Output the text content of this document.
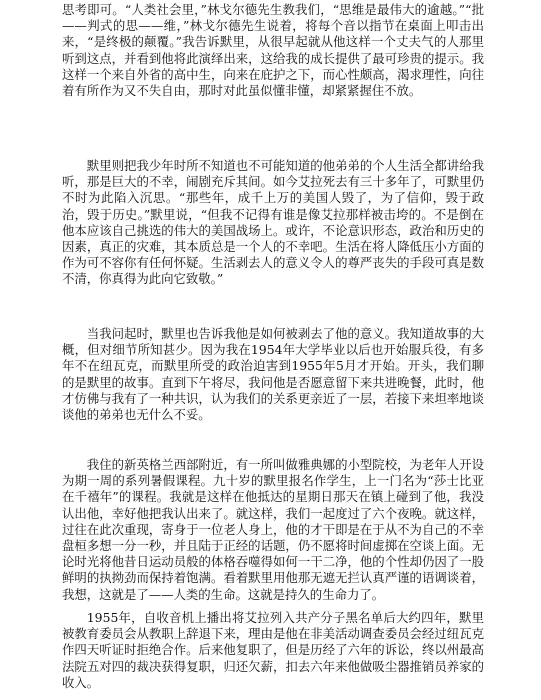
思考即可。“人类社会里，”林戈尔德先生教我们，“思维是最伟大的逾越。”“批——判式的思——维，”林戈尔德先生说着，将每个音以指节在桌面上叩击出来，“是终极的颠覆。”我告诉默里，从很早起就从他这样一个丈夫气的人那里听到这点，并看到他将此演绎出来，这给我的成长提供了最可珍贵的提示。我这样一个来自外省的高中生，向来在庇护之下，而心性颇高，渴求理性，向往着有所作为又不失自由，那时对此虽似懂非懂，却紧紧握住不放。

默里则把我少年时所不知道也不可能知道的他弟弟的个人生活全都讲给我听，那是巨大的不幸，闹剧充斥其间。如今艾拉死去有三十多年了，可默里仍不时为此陷入沉思。“那些年，成千上万的美国人毁了，为了信仰，毁于政治，毁于历史。”默里说，“但我不记得有谁是像艾拉那样被击垮的。不是倒在他本应该自己挑选的伟大的美国战场上。或许，不论意识形态，政治和历史的因素，真正的灾难，其本质总是一个人的不幸吧。生活在将人降低压小方面的作为可不容你有任何怀疑。生活剥去人的意义令人的尊严丧失的手段可真是数不清，你真得为此向它致敬。”

当我问起时，默里也告诉我他是如何被剥去了他的意义。我知道故事的大概，但对细节所知甚少。因为我在1954年大学毕业以后也开始服兵役，有多年不在纽瓦克，而默里所受的政治迫害到1955年5月才开始。开头，我们聊的是默里的故事。直到下午将尽，我问他是否愿意留下来共进晚餐，此时，他才仿佛与我有了一种共识，认为我们的关系更亲近了一层，若接下来坦率地谈谈他的弟弟也无什么不妥。

我住的新英格兰西部附近，有一所叫做雅典娜的小型院校，为老年人开设为期一周的系列暑假课程。九十岁的默里报名作学生，上一门名为“莎士比亚在千禧年”的课程。我就是这样在他抵达的星期日那天在镇上碰到了他，我没认出他，幸好他把我认出来了。就这样，我们一起度过了六个夜晚。就这样，过往在此次重现，寄身于一位老人身上，他的才干即是在于从不为自己的不幸盘桓多想一分一秒，并且陆于正经的话题，仍不愿将时间虚掷在空谈上面。无论时光将他昔日运动员般的体格吞噬得如何一干二净，他的个性却仍因了一股鲜明的执拗劲而保持着饱满。看着默里用他那无遮无拦认真严谨的语调谈着，我想，这就是了——人类的生命。这就是持久的生命力了。

1955年，自收音机上播出将艾拉列入共产分子黑名单后大约四年，默里被教育委员会从教职上辞退下来，理由是他在非美活动调查委员会经过纽瓦克作四天听证时拒绝合作。后来他复职了，但是历经了六年的诉讼，终以州最高法院五对四的裁决获得复职，归还欠薪，扣去六年来他做吸尘器推销员养家的收入。
